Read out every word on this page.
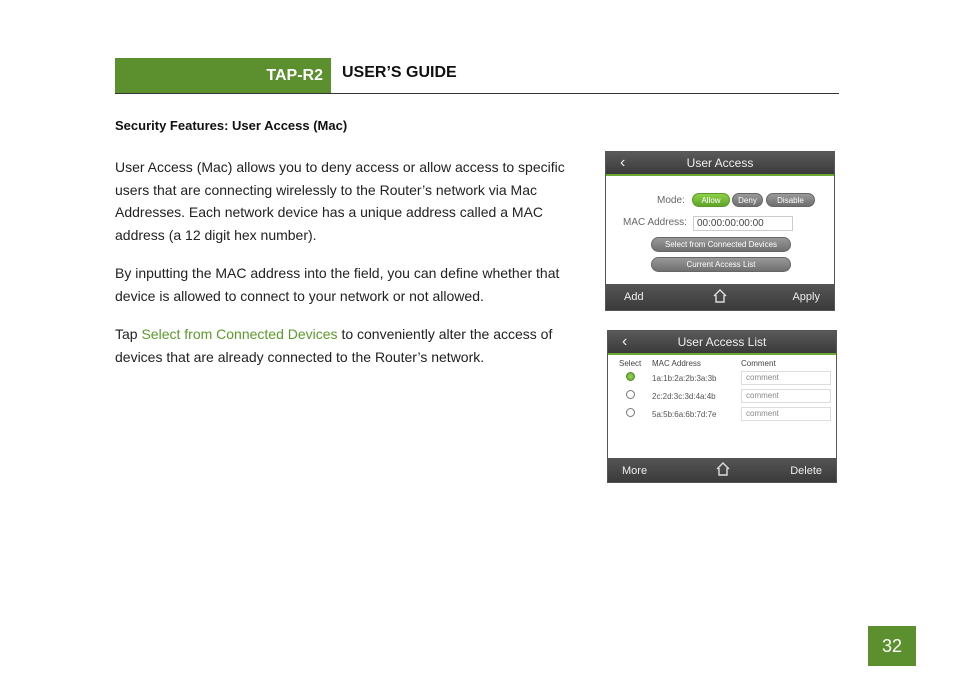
TAP-R2 USER’S GUIDE
Security Features: User Access (Mac)

User Access (Mac) allows you to deny access or allow access to specific users that are connecting wirelessly to the Router’s network via Mac Addresses. Each network device has a unique address called a MAC address (a 12 digit hex number).

By inputting the MAC address into the field, you can define whether that device is allowed to connect to your network or not allowed.

Tap Select from Connected Devices to conveniently alter the access of devices that are already connected to the Router’s network.

‹	User Access
Mode:	Allow	Deny	Disable
MAC Address:	00:00:00:00:00
Select from Connected Devices
Current Access List
Add	Apply
‹	User Access List
Select MAC Address	Comment
1a:1b:2a:2b:3a:3b	comment
2c:2d:3c:3d:4a:4b	comment
5a:5b:6a:6b:7d:7e	comment
More	Delete
32
